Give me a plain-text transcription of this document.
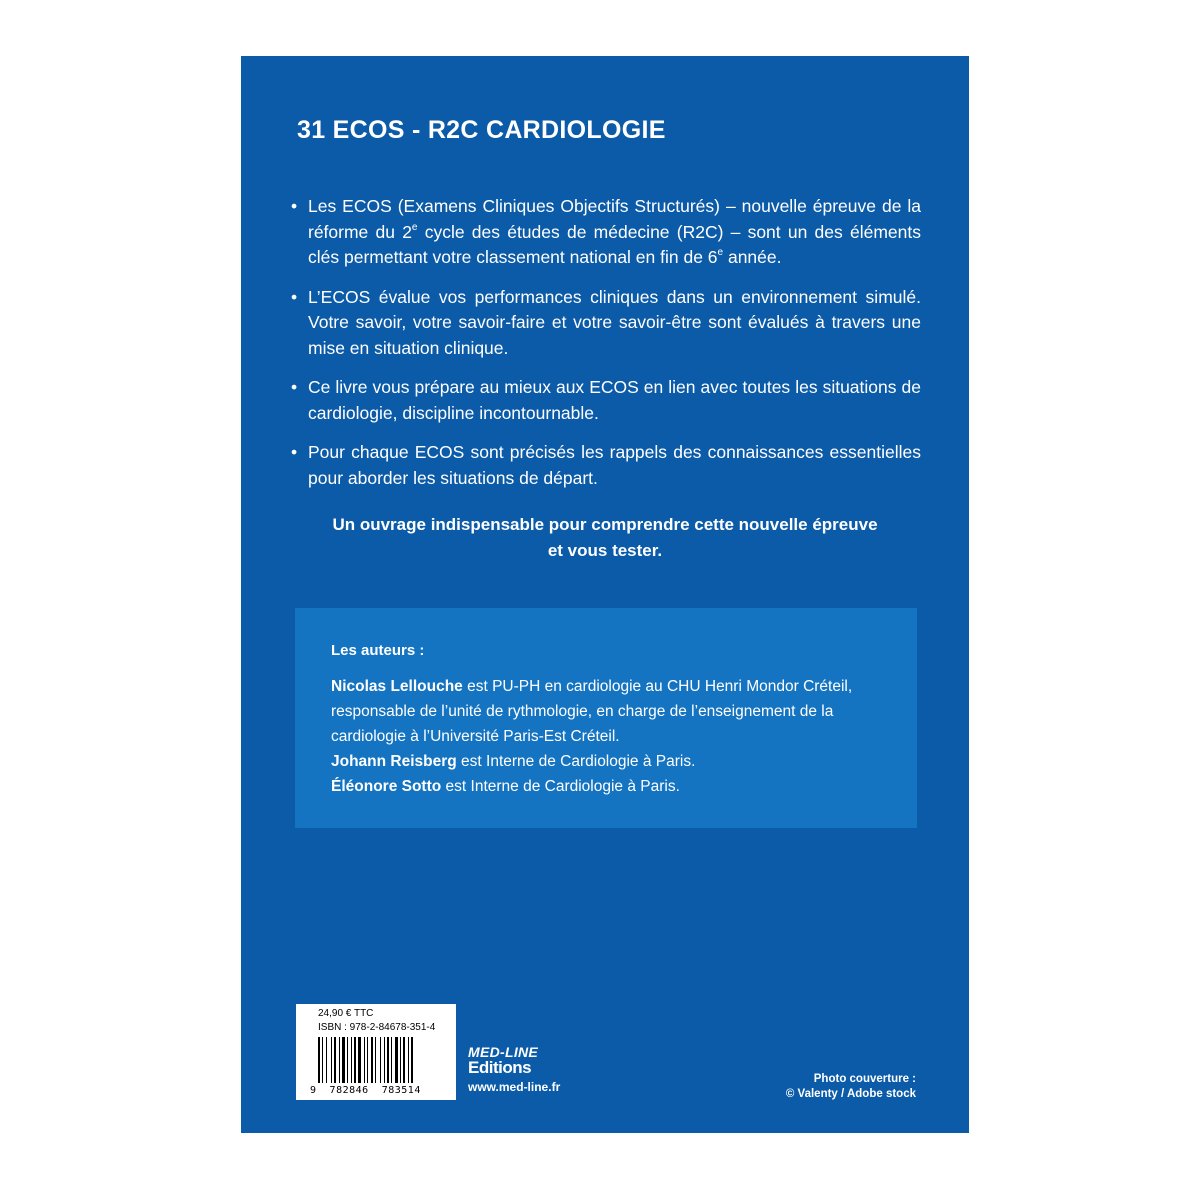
31 ECOS - R2C CARDIOLOGIE

• Les ECOS (Examens Cliniques Objectifs Structurés) – nouvelle épreuve de la réforme du 2e cycle des études de médecine (R2C) – sont un des éléments clés permettant votre classement national en fin de 6e année.

• L’ECOS évalue vos performances cliniques dans un environnement simulé. Votre savoir, votre savoir-faire et votre savoir-être sont évalués à travers une mise en situation clinique.

• Ce livre vous prépare au mieux aux ECOS en lien avec toutes les situations de cardiologie, discipline incontournable.

• Pour chaque ECOS sont précisés les rappels des connaissances essentielles pour aborder les situations de départ.

Un ouvrage indispensable pour comprendre cette nouvelle épreuve
et vous tester.

Les auteurs :

Nicolas Lellouche est PU-PH en cardiologie au CHU Henri Mondor Créteil, responsable de l’unité de rythmologie, en charge de l’enseignement de la cardiologie à l’Université Paris-Est Créteil.

Johann Reisberg est Interne de Cardiologie à Paris.

Éléonore Sotto est Interne de Cardiologie à Paris.

24,90 € TTC
ISBN : 978-2-84678-351-4
9  782846  783514
MED-LINE
Editions
www.med-line.fr
Photo couverture :
© Valenty / Adobe stock
